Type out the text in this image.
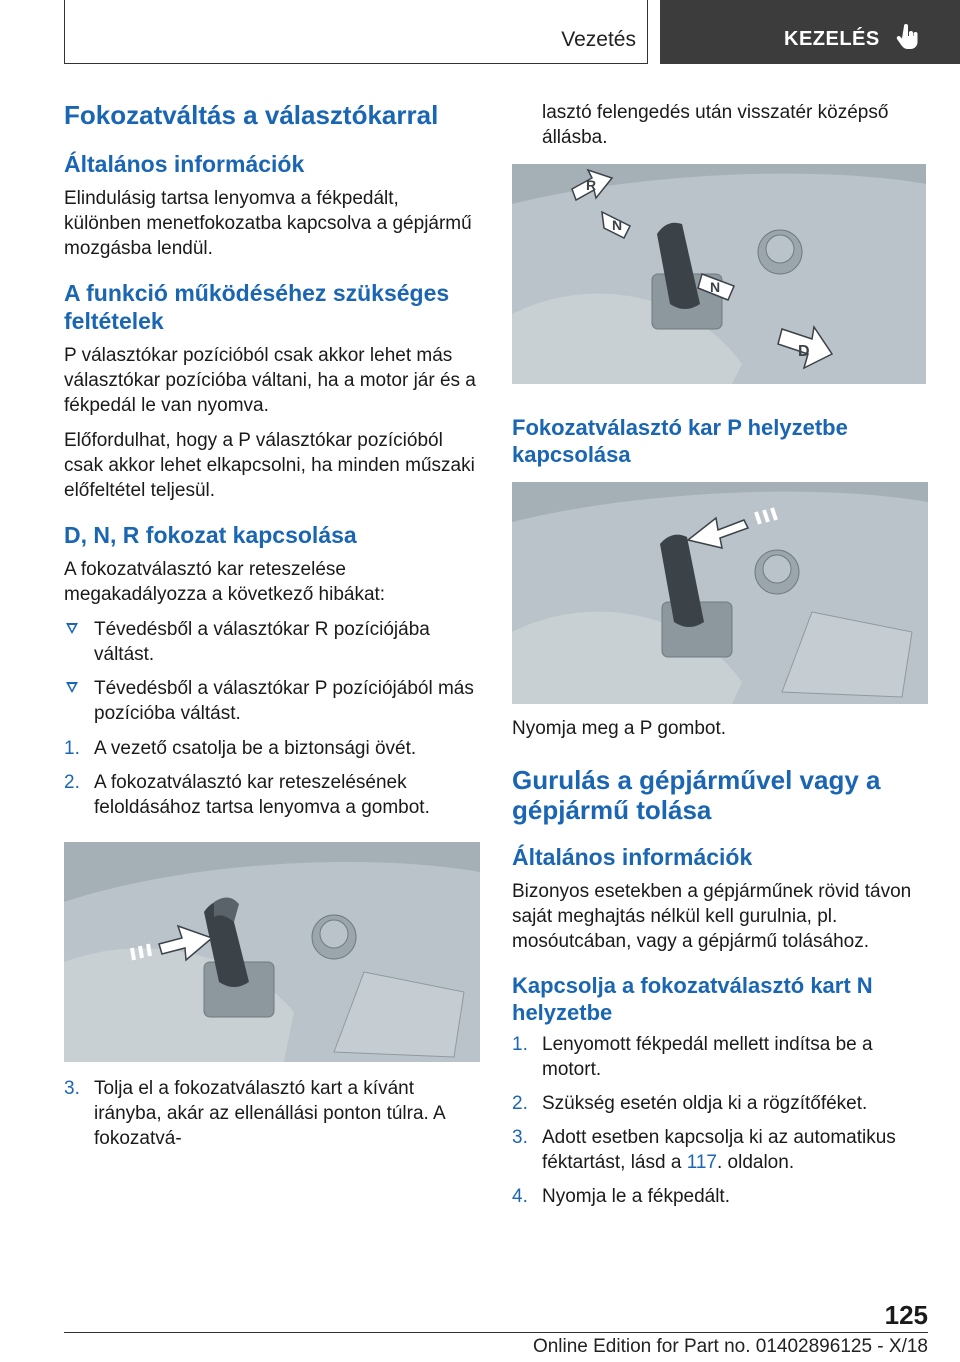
Vezetés	KEZELÉS
Fokozatváltás a választókarral
Általános információk

Elindulásig tartsa lenyomva a fékpedált, különben menetfokozatba kapcsolva a gépjármű mozgásba lendül.

A funkció működéséhez szükséges feltételek

P választókar pozícióból csak akkor lehet más választókar pozícióba váltani, ha a motor jár és a fékpedál le van nyomva.

Előfordulhat, hogy a P választókar pozícióból csak akkor lehet elkapcsolni, ha minden műszaki előfeltétel teljesül.

D, N, R fokozat kapcsolása

A fokozatválasztó kar reteszelése megakadályozza a következő hibákat:

Tévedésből a választókar R pozíciójába váltást.
Tévedésből a választókar P pozíciójából más pozícióba váltást.
1. A vezető csatolja be a biztonsági övét.
2. A fokozatválasztó kar reteszelésének feloldásához tartsa lenyomva a gombot.
3. Tolja el a fokozatválasztó kart a kívánt irányba, akár az ellenállási ponton túlra. A fokozatvá-

lasztó felengedés után visszatér középső állásba.

R
N
N
D
Fokozatválasztó kar P helyzetbe kapcsolása

Nyomja meg a P gombot.

Gurulás a gépjárművel vagy a gépjármű tolása
Általános információk

Bizonyos esetekben a gépjárműnek rövid távon saját meghajtás nélkül kell gurulnia, pl. mosóutcában, vagy a gépjármű tolásához.

Kapcsolja a fokozatválasztó kart N helyzetbe
1. Lenyomott fékpedál mellett indítsa be a motort.
2. Szükség esetén oldja ki a rögzítőféket.
3. Adott esetben kapcsolja ki az automatikus féktartást, lásd a 117. oldalon.
4. Nyomja le a fékpedált.
125
Online Edition for Part no. 01402896125 - X/18
